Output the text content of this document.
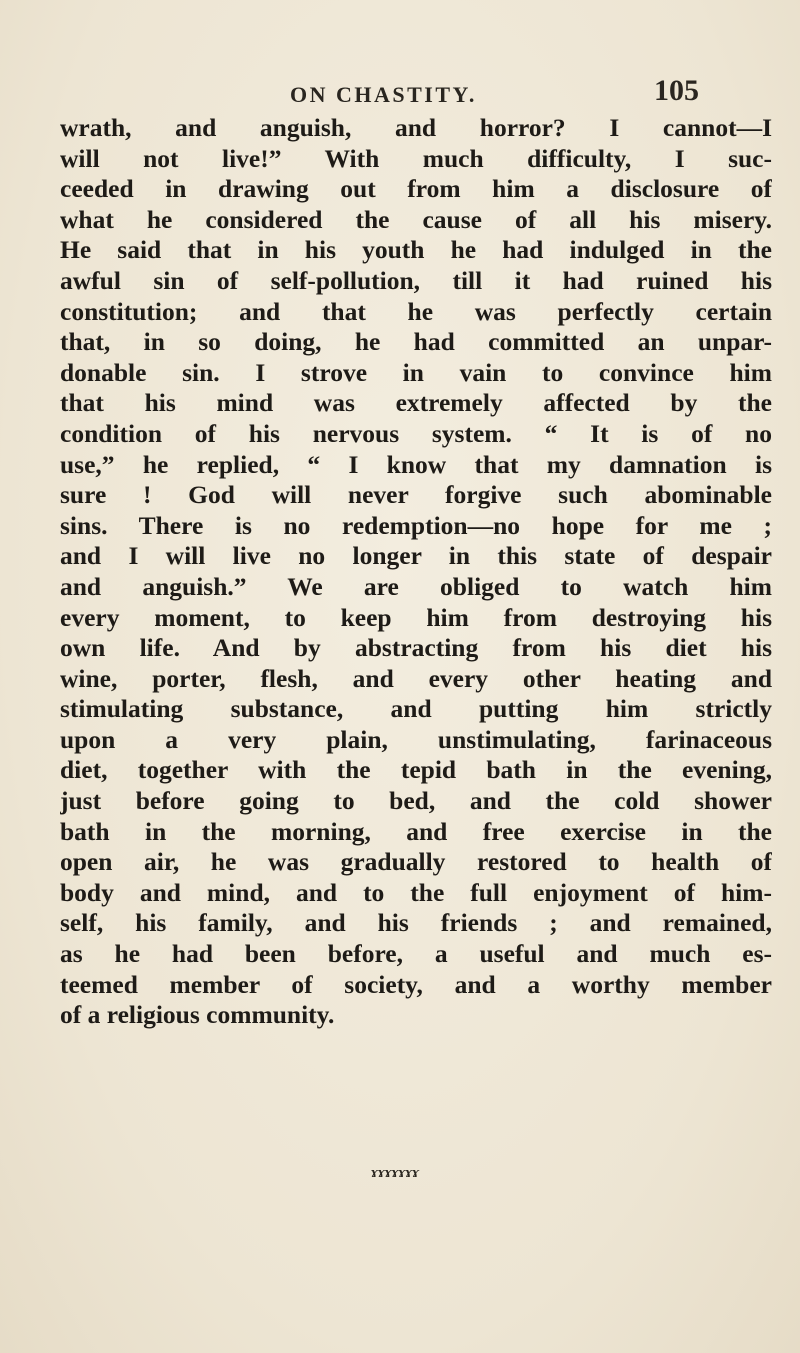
ON CHASTITY.	105
wrath, and anguish, and horror? I cannot—I
will not live!” With much difficulty, I suc-
ceeded in drawing out from him a disclosure of
what he considered the cause of all his misery.
He said that in his youth he had indulged in the
awful sin of self-pollution, till it had ruined his
constitution; and that he was perfectly certain
that, in so doing, he had committed an unpar-
donable sin. I strove in vain to convince him
that his mind was extremely affected by the
condition of his nervous system. “ It is of no
use,” he replied, “ I know that my damnation is
sure ! God will never forgive such abominable
sins. There is no redemption—no hope for me ;
and I will live no longer in this state of despair
and anguish.” We are obliged to watch him
every moment, to keep him from destroying his
own life. And by abstracting from his diet his
wine, porter, flesh, and every other heating and
stimulating substance, and putting him strictly
upon a very plain, unstimulating, farinaceous
diet, together with the tepid bath in the evening,
just before going to bed, and the cold shower
bath in the morning, and free exercise in the
open air, he was gradually restored to health of
body and mind, and to the full enjoyment of him-
self, his family, and his friends ; and remained,
as he had been before, a useful and much es-
teemed member of society, and a worthy member
of a religious community.
ɤɤɤɤɤɤɤ
